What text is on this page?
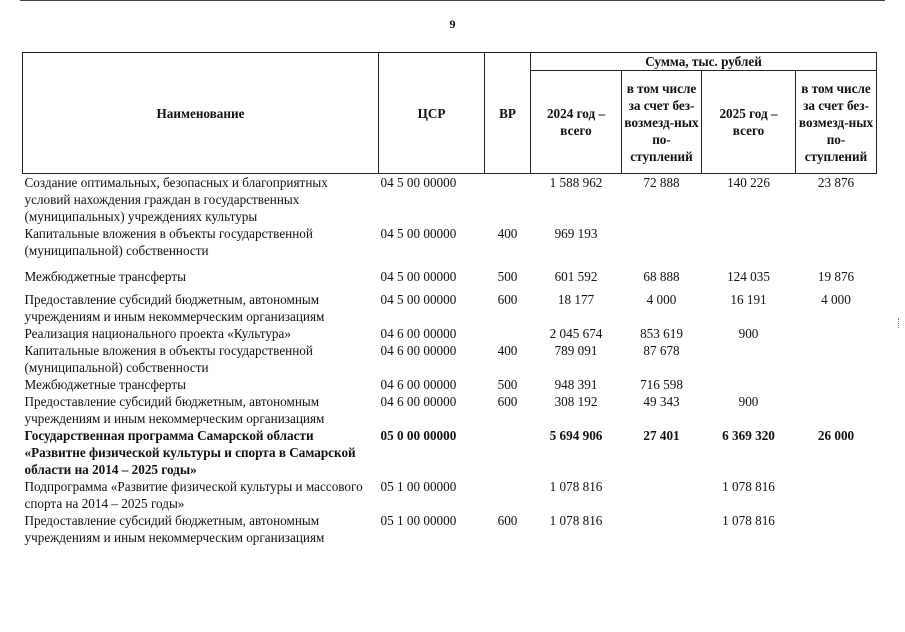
9
Наименование	ЦСР	ВР	Сумма, тыс. рублей			
			2024 год – всего	в том числе за счет без-возмезд-ных по-ступлений	2025 год – всего	в том числе за счет без-возмезд-ных по-ступлений
Создание оптимальных, безопасных и благоприятных условий нахождения граждан в государственных (муниципальных) учреждениях культуры	04 5 00 00000		1 588 962	72 888	140 226	23 876
Капитальные вложения в объекты государственной (муниципальной) собственности	04 5 00 00000	400	969 193			
Межбюджетные трансферты	04 5 00 00000	500	601 592	68 888	124 035	19 876
Предоставление субсидий бюджетным, автономным учреждениям и иным некоммерческим организациям	04 5 00 00000	600	18 177	4 000	16 191	4 000
Реализация национального проекта «Культура»	04 6 00 00000		2 045 674	853 619	900	
Капитальные вложения в объекты государственной (муниципальной) собственности	04 6 00 00000	400	789 091	87 678		
Межбюджетные трансферты	04 6 00 00000	500	948 391	716 598		
Предоставление субсидий бюджетным, автономным учреждениям и иным некоммерческим организациям	04 6 00 00000	600	308 192	49 343	900	
Государственная программа Самарской области «Развитне физической культуры и спорта в Самарской области на 2014 – 2025 годы»	05 0 00 00000		5 694 906	27 401	6 369 320	26 000
Подпрограмма «Развитие физической культуры и массового спорта на 2014 – 2025 годы»	05 1 00 00000		1 078 816		1 078 816	
Предоставление субсидий бюджетным, автономным учреждениям и иным некоммерческим организациям	05 1 00 00000	600	1 078 816		1 078 816	
